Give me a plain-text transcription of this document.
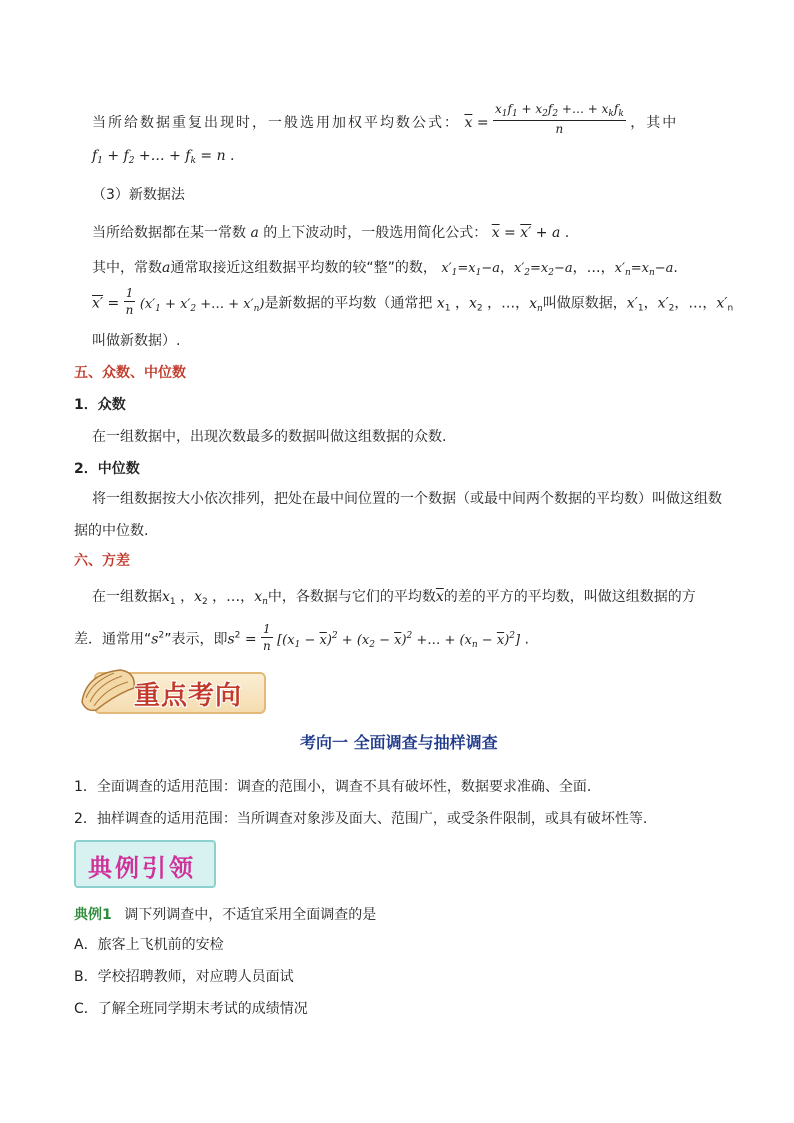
当所给数据重复出现时，一般选用加权平均数公式： $\overline{x} = \frac{x_1f_1 + x_2f_2 +\dots + x_kf_k}{n}$ ，其中
$f_1 + f_2$ +… + $f_k = n$ .
（3）新数据法
当所给数据都在某一常数 a 的上下波动时，一般选用简化公式： $\overline{x} = x' + a$ .
其中，常数a通常取接近这组数据平均数的较“整”的数， $x'_1=x_1-a$，$x'_2=x_2-a$，…，$x'_n=x_n-a$.
$x' = \frac{1}{n} (x'_1 + x'_2$ +… + $x'_n$)是新数据的平均数（通常把 $x_1$ ，$x_2$ ，…，$x_n$叫做原数据，$x'_1$，$x'_2$，…，$x'_n$
叫做新数据）.
五、众数、中位数
1．众数
在一组数据中，出现次数最多的数据叫做这组数据的众数.
2．中位数
将一组数据按大小依次排列，把处在最中间位置的一个数据（或最中间两个数据的平均数）叫做这组数
据的中位数.
六、方差
在一组数据$x_1$ ，$x_2$ ，…，$x_n$中，各数据与它们的平均数$\overline{x}$的差的平方的平均数，叫做这组数据的方
差．通常用“$s^2$”表示，即$s^2 = \frac{1}{n} [(x_1 - \overline{x})^2 + (x_2 - \overline{x})^2$ +… + $(x_n - \overline{x})^2$] .
重点考向
考向一 全面调查与抽样调查
1．全面调查的适用范围：调查的范围小，调查不具有破坏性，数据要求准确、全面.
2．抽样调查的适用范围：当所调查对象涉及面大、范围广，或受条件限制，或具有破坏性等.
典例引领
典例1 调下列调查中，不适宜采用全面调查的是
A．旅客上飞机前的安检
B．学校招聘教师，对应聘人员面试
C．了解全班同学期末考试的成绩情况
